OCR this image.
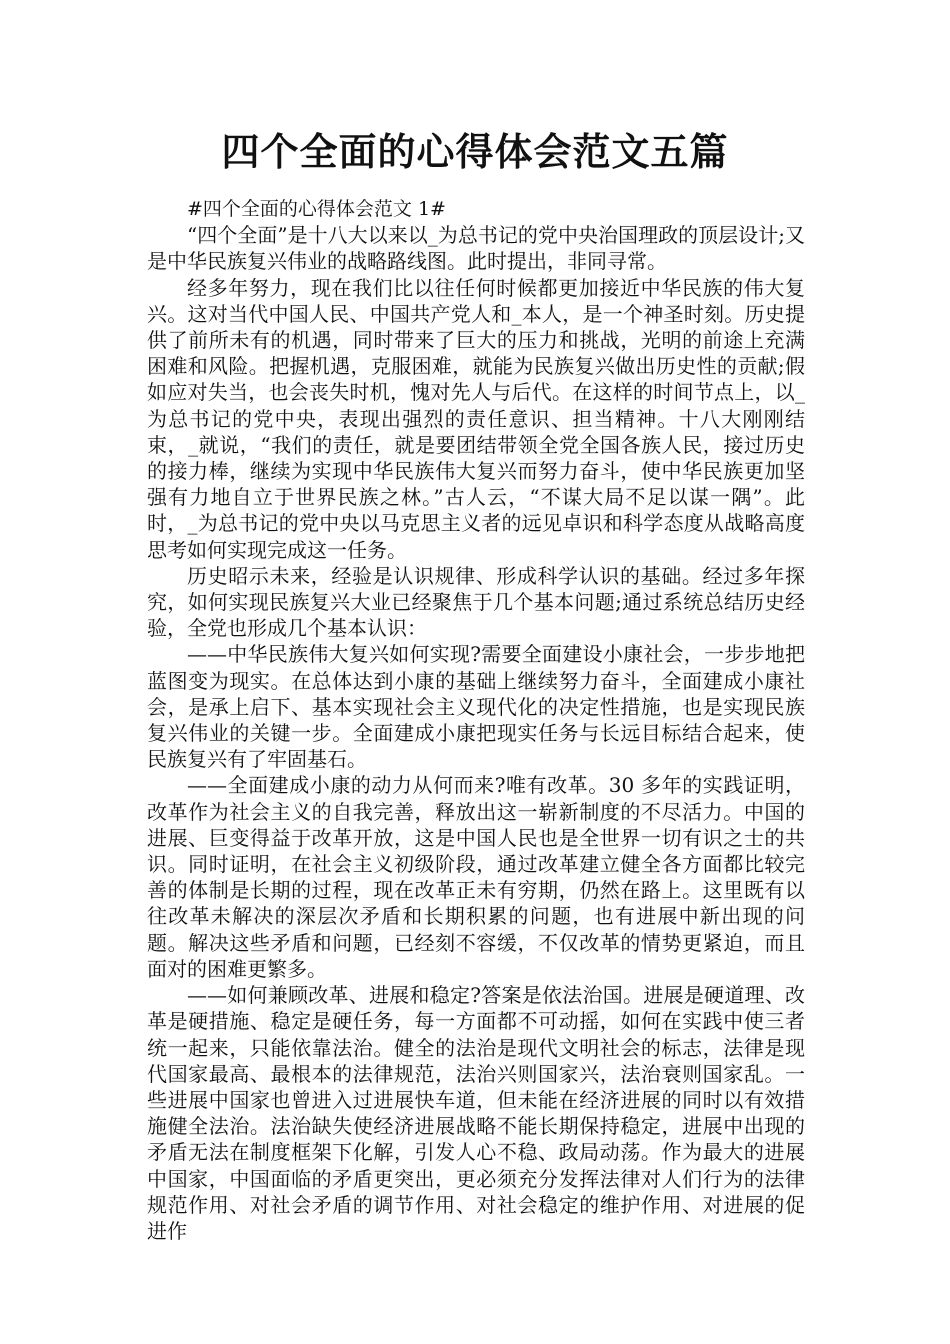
四个全面的心得体会范文五篇

#四个全面的心得体会范文 1#

“四个全面”是十八大以来以_为总书记的党中央治国理政的顶层设计;又是中华民族复兴伟业的战略路线图。此时提出，非同寻常。

经多年努力，现在我们比以往任何时候都更加接近中华民族的伟大复兴。这对当代中国人民、中国共产党人和_本人，是一个神圣时刻。历史提供了前所未有的机遇，同时带来了巨大的压力和挑战，光明的前途上充满困难和风险。把握机遇，克服困难，就能为民族复兴做出历史性的贡献;假如应对失当，也会丧失时机，愧对先人与后代。在这样的时间节点上，以_为总书记的党中央，表现出强烈的责任意识、担当精神。十八大刚刚结束，_就说，“我们的责任，就是要团结带领全党全国各族人民，接过历史的接力棒，继续为实现中华民族伟大复兴而努力奋斗，使中华民族更加坚强有力地自立于世界民族之林。”古人云，“不谋大局不足以谋一隅”。此时，_为总书记的党中央以马克思主义者的远见卓识和科学态度从战略高度思考如何实现完成这一任务。

历史昭示未来，经验是认识规律、形成科学认识的基础。经过多年探究，如何实现民族复兴大业已经聚焦于几个基本问题;通过系统总结历史经验，全党也形成几个基本认识：

——中华民族伟大复兴如何实现?需要全面建设小康社会，一步步地把蓝图变为现实。在总体达到小康的基础上继续努力奋斗，全面建成小康社会，是承上启下、基本实现社会主义现代化的决定性措施，也是实现民族复兴伟业的关键一步。全面建成小康把现实任务与长远目标结合起来，使民族复兴有了牢固基石。

——全面建成小康的动力从何而来?唯有改革。30 多年的实践证明，改革作为社会主义的自我完善，释放出这一崭新制度的不尽活力。中国的进展、巨变得益于改革开放，这是中国人民也是全世界一切有识之士的共识。同时证明，在社会主义初级阶段，通过改革建立健全各方面都比较完善的体制是长期的过程，现在改革正未有穷期，仍然在路上。这里既有以往改革未解决的深层次矛盾和长期积累的问题，也有进展中新出现的问题。解决这些矛盾和问题，已经刻不容缓，不仅改革的情势更紧迫，而且面对的困难更繁多。

——如何兼顾改革、进展和稳定?答案是依法治国。进展是硬道理、改革是硬措施、稳定是硬任务，每一方面都不可动摇，如何在实践中使三者统一起来，只能依靠法治。健全的法治是现代文明社会的标志，法律是现代国家最高、最根本的法律规范，法治兴则国家兴，法治衰则国家乱。一些进展中国家也曾进入过进展快车道，但未能在经济进展的同时以有效措施健全法治。法治缺失使经济进展战略不能长期保持稳定，进展中出现的矛盾无法在制度框架下化解，引发人心不稳、政局动荡。作为最大的进展中国家，中国面临的矛盾更突出，更必须充分发挥法律对人们行为的法律规范作用、对社会矛盾的调节作用、对社会稳定的维护作用、对进展的促进作
